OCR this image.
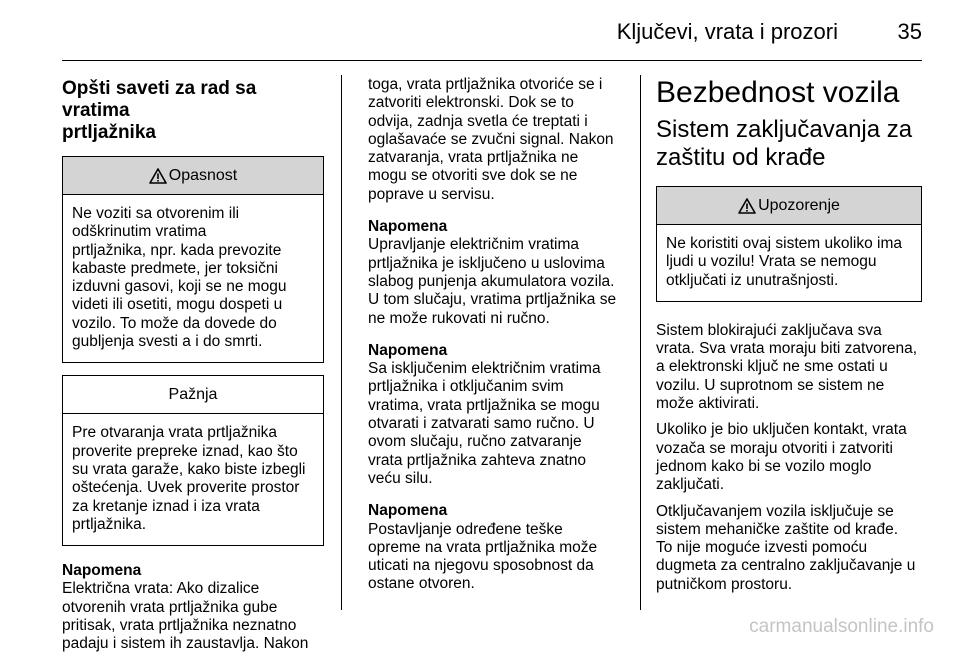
Ključevi, vrata i prozori	35
Opšti saveti za rad sa vratima
prtljažnika
Opasnost
Ne voziti sa otvorenim ili
odškrinutim vratima
prtljažnika, npr. kada prevozite
kabaste predmete, jer toksični
izduvni gasovi, koji se ne mogu
videti ili osetiti, mogu dospeti u
vozilo. To može da dovede do
gubljenja svesti a i do smrti.
Pažnja
Pre otvaranja vrata prtljažnika
proverite prepreke iznad, kao što
su vrata garaže, kako biste izbegli
oštećenja. Uvek proverite prostor
za kretanje iznad i iza vrata
prtljažnika.
Napomena
Električna vrata: Ako dizalice
otvorenih vrata prtljažnika gube
pritisak, vrata prtljažnika neznatno
padaju i sistem ih zaustavlja. Nakon
toga, vrata prtljažnika otvoriće se i
zatvoriti elektronski. Dok se to
odvija, zadnja svetla će treptati i
oglašavaće se zvučni signal. Nakon
zatvaranja, vrata prtljažnika ne
mogu se otvoriti sve dok se ne
poprave u servisu.
Napomena
Upravljanje električnim vratima
prtljažnika je isključeno u uslovima
slabog punjenja akumulatora vozila.
U tom slučaju, vratima prtljažnika se
ne može rukovati ni ručno.
Napomena
Sa isključenim električnim vratima
prtljažnika i otključanim svim
vratima, vrata prtljažnika se mogu
otvarati i zatvarati samo ručno. U
ovom slučaju, ručno zatvaranje
vrata prtljažnika zahteva znatno
veću silu.
Napomena
Postavljanje određene teške
opreme na vrata prtljažnika može
uticati na njegovu sposobnost da
ostane otvoren.
Bezbednost vozila
Sistem zaključavanja za
zaštitu od krađe
Upozorenje
Ne koristiti ovaj sistem ukoliko ima
ljudi u vozilu! Vrata se nemogu
otključati iz unutrašnjosti.
Sistem blokirajući zaključava sva
vrata. Sva vrata moraju biti zatvorena,
a elektronski ključ ne sme ostati u
vozilu. U suprotnom se sistem ne
može aktivirati.
Ukoliko je bio uključen kontakt, vrata
vozača se moraju otvoriti i zatvoriti
jednom kako bi se vozilo moglo
zaključati.
Otključavanjem vozila isključuje se
sistem mehaničke zaštite od krađe.
To nije moguće izvesti pomoću
dugmeta za centralno zaključavanje u
putničkom prostoru.
carmanualsonline.info
